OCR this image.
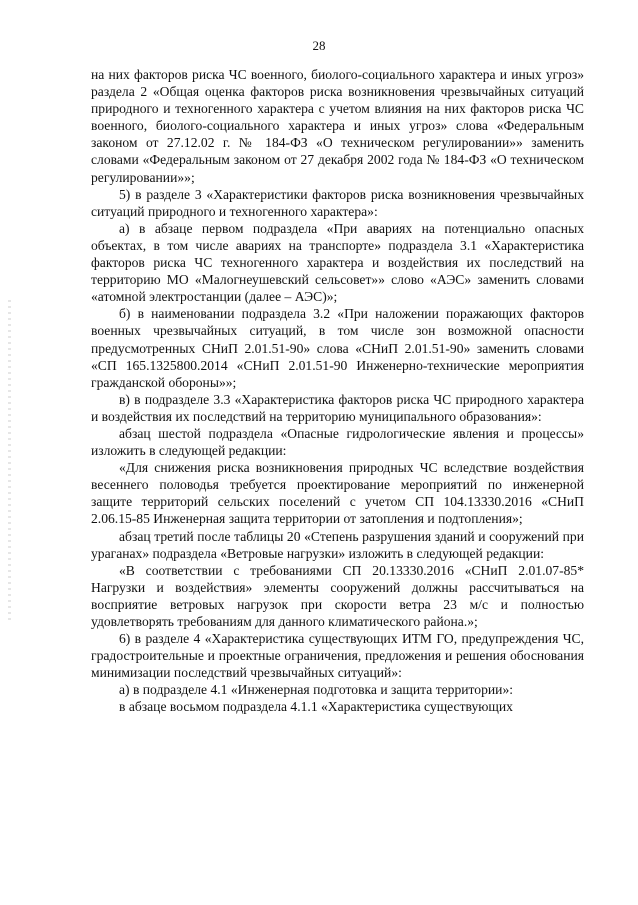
28

на них факторов риска ЧС военного, биолого-социального характера и иных угроз» раздела 2 «Общая оценка факторов риска возникновения чрезвычайных ситуаций природного и техногенного характера с учетом влияния на них факторов риска ЧС военного, биолого-социального характера и иных угроз» слова «Федеральным законом от 27.12.02 г. № 184-ФЗ «О техническом регулировании»» заменить словами «Федеральным законом от 27 декабря 2002 года № 184-ФЗ «О техническом регулировании»»;

5) в разделе 3 «Характеристики факторов риска возникновения чрезвычайных ситуаций природного и техногенного характера»:

а) в абзаце первом подраздела «При авариях на потенциально опасных объектах, в том числе авариях на транспорте» подраздела 3.1 «Характеристика факторов риска ЧС техногенного характера и воздействия их последствий на территорию МО «Малогнеушевский сельсовет»» слово «АЭС» заменить словами «атомной электростанции (далее – АЭС)»;

б) в наименовании подраздела 3.2 «При наложении поражающих факторов военных чрезвычайных ситуаций, в том числе зон возможной опасности предусмотренных СНиП 2.01.51-90» слова «СНиП 2.01.51-90» заменить словами «СП 165.1325800.2014 «СНиП 2.01.51-90 Инженерно-технические мероприятия гражданской обороны»»;

в) в подразделе 3.3 «Характеристика факторов риска ЧС природного характера и воздействия их последствий на территорию муниципального образования»:

абзац шестой подраздела «Опасные гидрологические явления и процессы» изложить в следующей редакции:

«Для снижения риска возникновения природных ЧС вследствие воздействия весеннего половодья требуется проектирование мероприятий по инженерной защите территорий сельских поселений с учетом СП 104.13330.2016 «СНиП 2.06.15-85 Инженерная защита территории от затопления и подтопления»;

абзац третий после таблицы 20 «Степень разрушения зданий и сооружений при ураганах» подраздела «Ветровые нагрузки» изложить в следующей редакции:

«В соответствии с требованиями СП 20.13330.2016 «СНиП 2.01.07-85* Нагрузки и воздействия» элементы сооружений должны рассчитываться на восприятие ветровых нагрузок при скорости ветра 23 м/с и полностью удовлетворять требованиям для данного климатического района.»;

6) в разделе 4 «Характеристика существующих ИТМ ГО, предупреждения ЧС, градостроительные и проектные ограничения, предложения и решения обоснования минимизации последствий чрезвычайных ситуаций»:

а) в подразделе 4.1 «Инженерная подготовка и защита территории»:

в абзаце восьмом подраздела 4.1.1 «Характеристика существующих
